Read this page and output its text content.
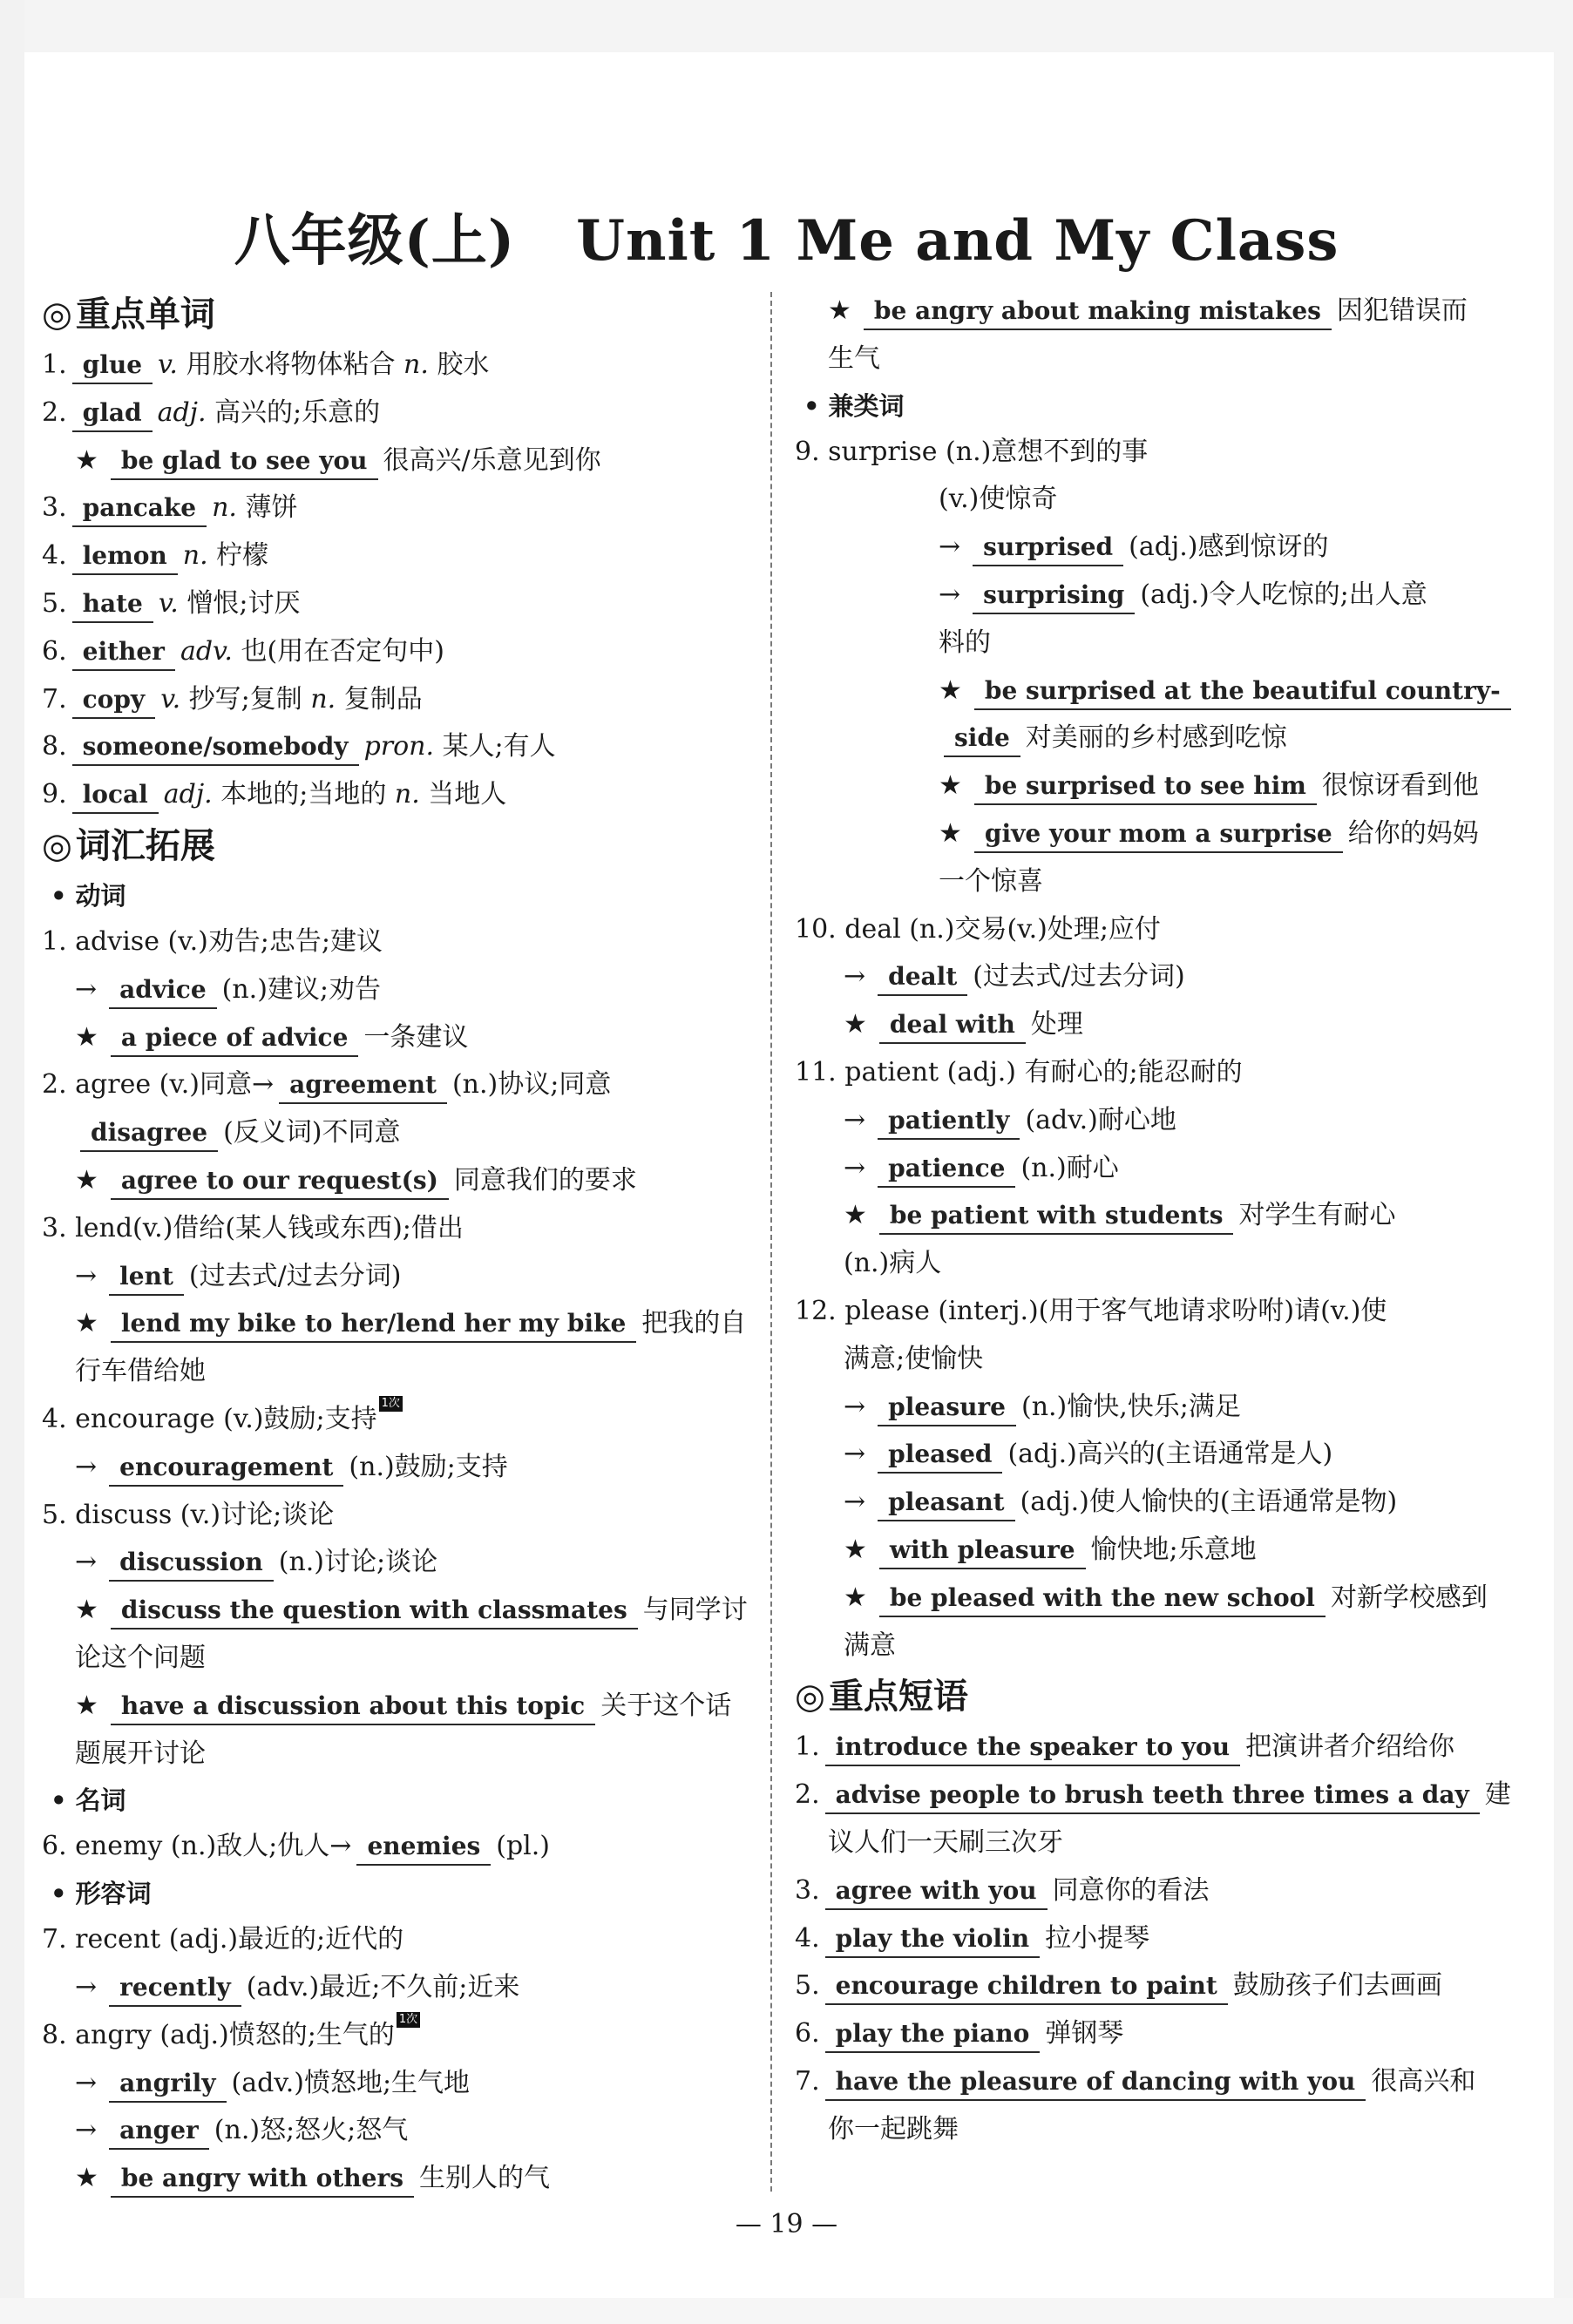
八年级(上) Unit 1 Me and My Class
◎ 重点单词
1. glue v. 用胶水将物体粘合 n. 胶水
2. glad adj. 高兴的;乐意的
★ be glad to see you 很高兴/乐意见到你
3. pancake n. 薄饼
4. lemon n. 柠檬
5. hate v. 憎恨;讨厌
6. either adv. 也(用在否定句中)
7. copy v. 抄写;复制 n. 复制品
8. someone/somebody pron. 某人;有人
9. local adj. 本地的;当地的 n. 当地人
◎ 词汇拓展
• 动词
1. advise (v.)劝告;忠告;建议
→ advice (n.)建议;劝告
★ a piece of advice 一条建议
2. agree (v.)同意→ agreement (n.)协议;同意
disagree (反义词)不同意
★ agree to our request(s) 同意我们的要求
3. lend(v.)借给(某人钱或东西);借出
→ lent (过去式/过去分词)
★ lend my bike to her/lend her my bike 把我的自
行车借给她
4. encourage (v.)鼓励;支持1次
→ encouragement (n.)鼓励;支持
5. discuss (v.)讨论;谈论
→ discussion (n.)讨论;谈论
★ discuss the question with classmates 与同学讨
论这个问题
★ have a discussion about this topic 关于这个话
题展开讨论
• 名词
6. enemy (n.)敌人;仇人→ enemies (pl.)
• 形容词
7. recent (adj.)最近的;近代的
→ recently (adv.)最近;不久前;近来
8. angry (adj.)愤怒的;生气的1次
→ angrily (adv.)愤怒地;生气地
→ anger (n.)怒;怒火;怒气
★ be angry with others 生别人的气
★ be angry about making mistakes 因犯错误而
生气
• 兼类词
9. surprise (n.)意想不到的事
(v.)使惊奇
→ surprised (adj.)感到惊讶的
→ surprising (adj.)令人吃惊的;出人意
料的
★ be surprised at the beautiful country-
side 对美丽的乡村感到吃惊
★ be surprised to see him 很惊讶看到他
★ give your mom a surprise 给你的妈妈
一个惊喜
10. deal (n.)交易(v.)处理;应付
→ dealt (过去式/过去分词)
★ deal with 处理
11. patient (adj.) 有耐心的;能忍耐的
→ patiently (adv.)耐心地
→ patience (n.)耐心
★ be patient with students 对学生有耐心
(n.)病人
12. please (interj.)(用于客气地请求吩咐)请(v.)使
满意;使愉快
→ pleasure (n.)愉快,快乐;满足
→ pleased (adj.)高兴的(主语通常是人)
→ pleasant (adj.)使人愉快的(主语通常是物)
★ with pleasure 愉快地;乐意地
★ be pleased with the new school 对新学校感到
满意
◎ 重点短语
1. introduce the speaker to you 把演讲者介绍给你
2. advise people to brush teeth three times a day 建
议人们一天刷三次牙
3. agree with you 同意你的看法
4. play the violin 拉小提琴
5. encourage children to paint 鼓励孩子们去画画
6. play the piano 弹钢琴
7. have the pleasure of dancing with you 很高兴和
你一起跳舞
— 19 —
